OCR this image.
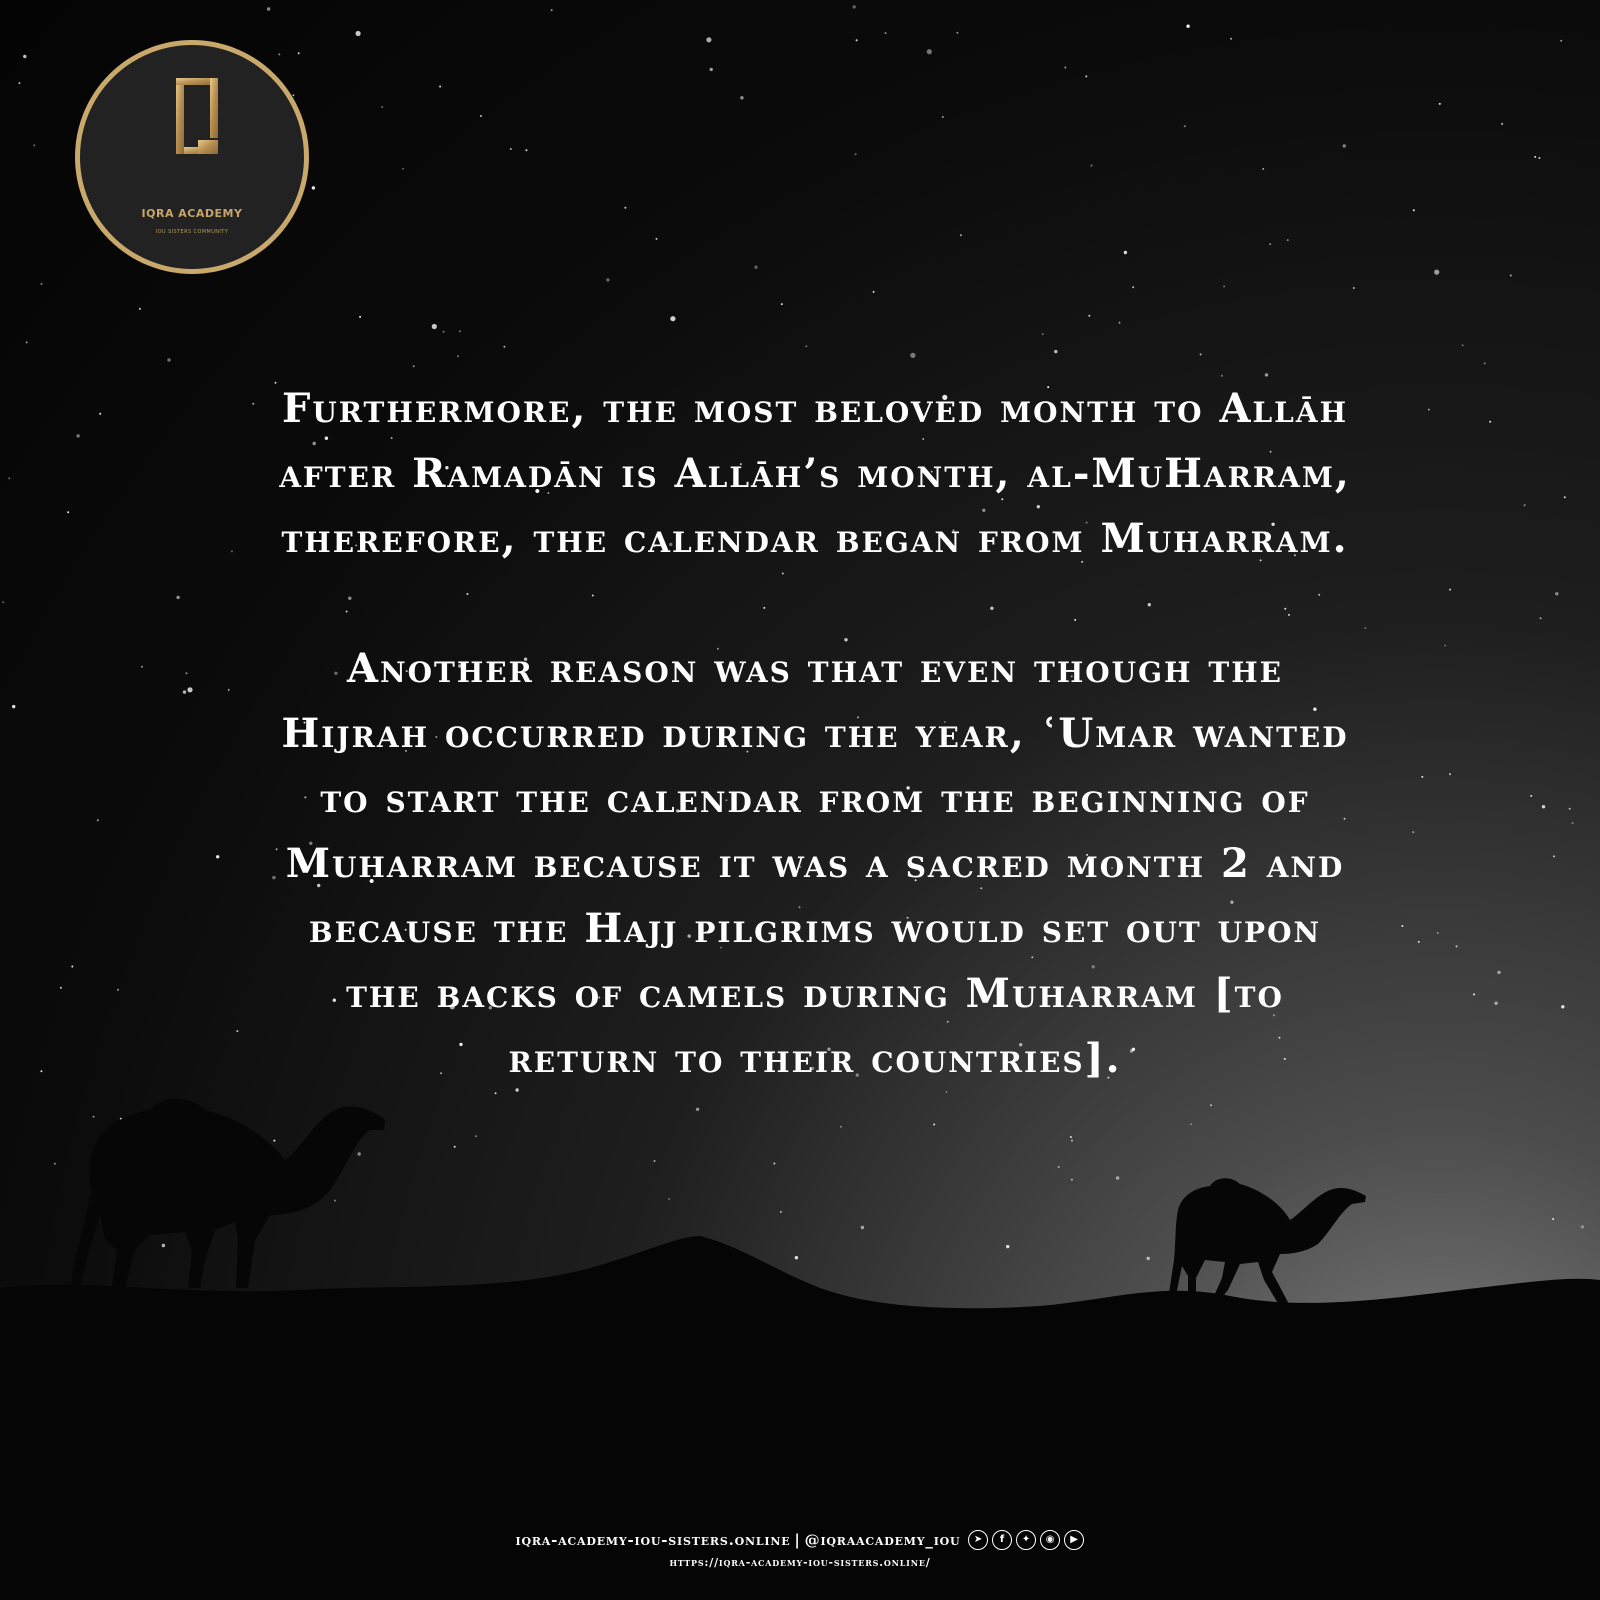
IQRA ACADEMY
IOU SISTERS COMMUNITY

Furthermore, the most beloved month to Allāh
after Ramaḍān is Allāh’s month, al-MuHarram,
therefore, the calendar began from Muharram.

Another reason was that even though the
Hijrah occurred during the year, ʿUmar wanted
to start the calendar from the beginning of
Muḥarram because it was a sacred month 2 and
because the Hajj pilgrims would set out upon
the backs of camels during Muharram [to
return to their countries].

iqra-academy-iou-sisters.online | @iqraacademy_iou	➤	f	✦	◉	▶
https://iqra-academy-iou-sisters.online/
